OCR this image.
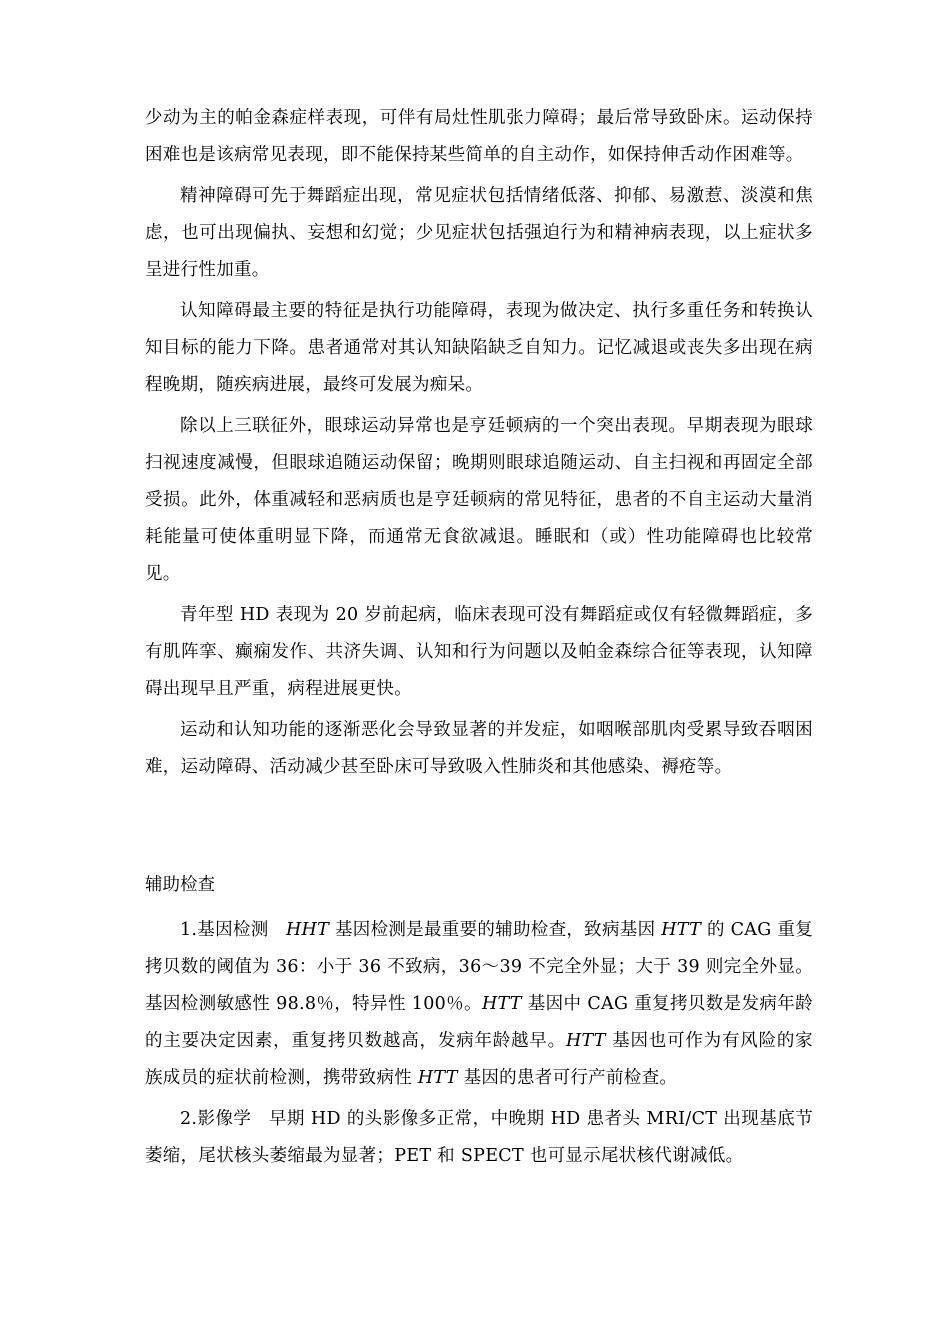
少动为主的帕金森症样表现，可伴有局灶性肌张力障碍；最后常导致卧床。运动保持困难也是该病常见表现，即不能保持某些简单的自主动作，如保持伸舌动作困难等。

精神障碍可先于舞蹈症出现，常见症状包括情绪低落、抑郁、易激惹、淡漠和焦虑，也可出现偏执、妄想和幻觉；少见症状包括强迫行为和精神病表现，以上症状多呈进行性加重。

认知障碍最主要的特征是执行功能障碍，表现为做决定、执行多重任务和转换认知目标的能力下降。患者通常对其认知缺陷缺乏自知力。记忆减退或丧失多出现在病程晚期，随疾病进展，最终可发展为痴呆。

除以上三联征外，眼球运动异常也是亨廷顿病的一个突出表现。早期表现为眼球扫视速度减慢，但眼球追随运动保留；晚期则眼球追随运动、自主扫视和再固定全部受损。此外，体重减轻和恶病质也是亨廷顿病的常见特征，患者的不自主运动大量消耗能量可使体重明显下降，而通常无食欲减退。睡眠和（或）性功能障碍也比较常见。

青年型 HD 表现为 20 岁前起病，临床表现可没有舞蹈症或仅有轻微舞蹈症，多有肌阵挛、癫痫发作、共济失调、认知和行为问题以及帕金森综合征等表现，认知障碍出现早且严重，病程进展更快。

运动和认知功能的逐渐恶化会导致显著的并发症，如咽喉部肌肉受累导致吞咽困难，运动障碍、活动减少甚至卧床可导致吸入性肺炎和其他感染、褥疮等。

辅助检查

1.基因检测 HHT 基因检测是最重要的辅助检查，致病基因 HTT 的 CAG 重复拷贝数的阈值为 36：小于 36 不致病，36～39 不完全外显；大于 39 则完全外显。基因检测敏感性 98.8％，特异性 100％。HTT 基因中 CAG 重复拷贝数是发病年龄的主要决定因素，重复拷贝数越高，发病年龄越早。HTT 基因也可作为有风险的家族成员的症状前检测，携带致病性 HTT 基因的患者可行产前检查。

2.影像学 早期 HD 的头影像多正常，中晚期 HD 患者头 MRI/CT 出现基底节萎缩，尾状核头萎缩最为显著；PET 和 SPECT 也可显示尾状核代谢减低。
